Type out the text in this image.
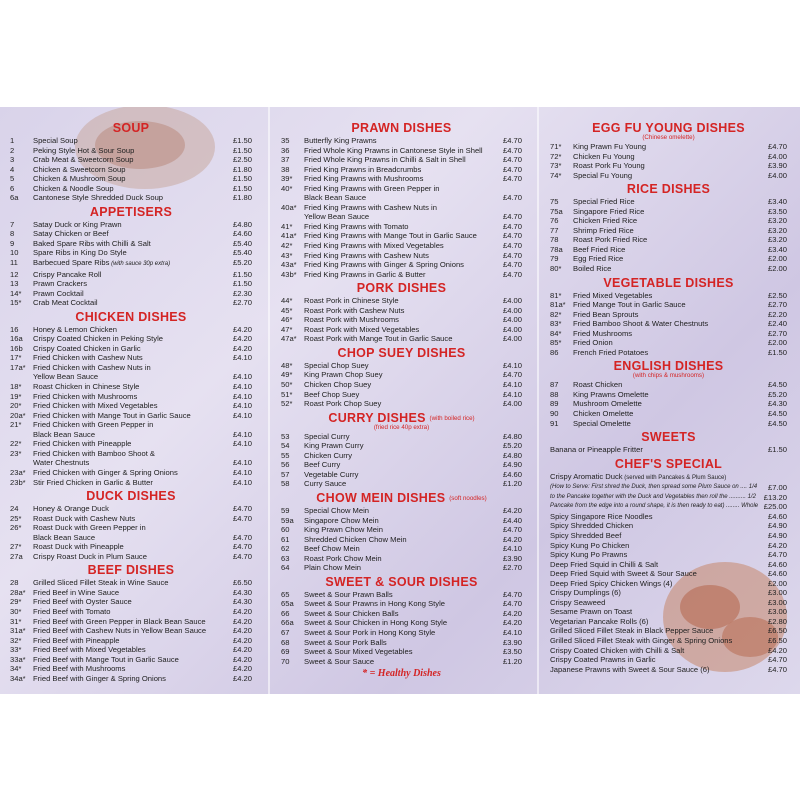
SOUP
1	Special Soup	£1.50
2	Peking Style Hot & Sour Soup	£1.50
3	Crab Meat & Sweetcorn Soup	£2.50
4	Chicken & Sweetcorn Soup	£1.80
5	Chicken & Mushroom Soup	£1.50
6	Chicken & Noodle Soup	£1.50
6a	Cantonese Style Shredded Duck Soup	£1.80
APPETISERS
7	Satay Duck or King Prawn	£4.80
8	Satay Chicken or Beef	£4.60
9	Baked Spare Ribs with Chilli & Salt	£5.40
10	Spare Ribs in King Do Style	£5.40
11	Barbecued Spare Ribs (with sauce 30p extra)	£5.20
12	Crispy Pancake Roll	£1.50
13	Prawn Crackers	£1.50
14*	Prawn Cocktail	£2.30
15*	Crab Meat Cocktail	£2.70
CHICKEN DISHES
16	Honey & Lemon Chicken	£4.20
16a	Crispy Coated Chicken in Peking Style	£4.20
16b	Crispy Coated Chicken in Garlic	£4.20
17*	Fried Chicken with Cashew Nuts	£4.10
17a* Fried Chicken with Cashew Nuts in
Yellow Bean Sauce	£4.10
18*	Roast Chicken in Chinese Style	£4.10
19*	Fried Chicken with Mushrooms	£4.10
20*	Fried Chicken with Mixed Vegetables	£4.10
20a* Fried Chicken with Mange Tout in Garlic Sauce	£4.10
21*	Fried Chicken with Green Pepper in
Black Bean Sauce	£4.10
22*	Fried Chicken with Pineapple	£4.10
23*	Fried Chicken with Bamboo Shoot &
Water Chestnuts	£4.10
23a* Fried Chicken with Ginger & Spring Onions	£4.10
23b* Stir Fried Chicken in Garlic & Butter	£4.10
DUCK DISHES
24	Honey & Orange Duck	£4.70
25*	Roast Duck with Cashew Nuts	£4.70
26*	Roast Duck with Green Pepper in
Black Bean Sauce	£4.70
27*	Roast Duck with Pineapple	£4.70
27a	Crispy Roast Duck in Plum Sauce	£4.70
BEEF DISHES
28	Grilled Sliced Fillet Steak in Wine Sauce	£6.50
28a* Fried Beef in Wine Sauce	£4.30
29*	Fried Beef with Oyster Sauce	£4.30
30*	Fried Beef with Tomato	£4.20
31*	Fried Beef with Green Pepper in Black Bean Sauce	£4.20
31a* Fried Beef with Cashew Nuts in Yellow Bean Sauce	£4.20
32*	Fried Beef with Pineapple	£4.20
33*	Fried Beef with Mixed Vegetables	£4.20
33a* Fried Beef with Mange Tout in Garlic Sauce	£4.20
34*	Fried Beef with Mushrooms	£4.20
34a* Fried Beef with Ginger & Spring Onions	£4.20
PRAWN DISHES
35	Butterfly King Prawns	£4.70
36	Fried Whole King Prawns in Cantonese Style in Shell	£4.70
37	Fried Whole King Prawns in Chilli & Salt in Shell	£4.70
38	Fried King Prawns in Breadcrumbs	£4.70
39*	Fried King Prawns with Mushrooms	£4.70
40*	Fried King Prawns with Green Pepper in
Black Bean Sauce	£4.70
40a* Fried King Prawns with Cashew Nuts in
Yellow Bean Sauce	£4.70
41*	Fried King Prawns with Tomato	£4.70
41a* Fried King Prawns with Mange Tout in Garlic Sauce	£4.70
42*	Fried King Prawns with Mixed Vegetables	£4.70
43*	Fried King Prawns with Cashew Nuts	£4.70
43a* Fried King Prawns with Ginger & Spring Onions	£4.70
43b* Fried King Prawns in Garlic & Butter	£4.70
PORK DISHES
44*	Roast Pork in Chinese Style	£4.00
45*	Roast Pork with Cashew Nuts	£4.00
46*	Roast Pork with Mushrooms	£4.00
47*	Roast Pork with Mixed Vegetables	£4.00
47a* Roast Pork with Mange Tout in Garlic Sauce	£4.00
CHOP SUEY DISHES
48*	Special Chop Suey	£4.10
49*	King Prawn Chop Suey	£4.70
50*	Chicken Chop Suey	£4.10
51*	Beef Chop Suey	£4.10
52*	Roast Pork Chop Suey	£4.00
CURRY DISHES (with boiled rice)
(fried rice 40p extra)
53	Special Curry	£4.80
54	King Prawn Curry	£5.20
55	Chicken Curry	£4.80
56	Beef Curry	£4.90
57	Vegetable Curry	£4.60
58	Curry Sauce	£1.20
CHOW MEIN DISHES (soft noodles)
59	Special Chow Mein	£4.20
59a	Singapore Chow Mein	£4.40
60	King Prawn Chow Mein	£4.70
61	Shredded Chicken Chow Mein	£4.20
62	Beef Chow Mein	£4.10
63	Roast Pork Chow Mein	£3.90
64	Plain Chow Mein	£2.70
SWEET & SOUR DISHES
65	Sweet & Sour Prawn Balls	£4.70
65a	Sweet & Sour Prawns in Hong Kong Style	£4.70
66	Sweet & Sour Chicken Balls	£4.20
66a	Sweet & Sour Chicken in Hong Kong Style	£4.20
67	Sweet & Sour Pork in Hong Kong Style	£4.10
68	Sweet & Sour Pork Balls	£3.90
69	Sweet & Sour Mixed Vegetables	£3.50
70	Sweet & Sour Sauce	£1.20
* = Healthy Dishes
EGG FU YOUNG DISHES
(Chinese omelette)
71*	King Prawn Fu Young	£4.70
72*	Chicken Fu Young	£4.00
73*	Roast Pork Fu Young	£3.90
74*	Special Fu Young	£4.00
RICE DISHES
75	Special Fried Rice	£3.40
75a	Singapore Fried Rice	£3.50
76	Chicken Fried Rice	£3.20
77	Shrimp Fried Rice	£3.20
78	Roast Pork Fried Rice	£3.20
78a	Beef Fried Rice	£3.40
79	Egg Fried Rice	£2.00
80*	Boiled Rice	£2.00
VEGETABLE DISHES
81*	Fried Mixed Vegetables	£2.50
81a* Fried Mange Tout in Garlic Sauce	£2.70
82*	Fried Bean Sprouts	£2.20
83*	Fried Bamboo Shoot & Water Chestnuts	£2.40
84*	Fried Mushrooms	£2.70
85*	Fried Onion	£2.00
86	French Fried Potatoes	£1.50
ENGLISH DISHES
(with chips & mushrooms)
87	Roast Chicken	£4.50
88	King Prawns Omelette	£5.20
89	Mushroom Omelette	£4.30
90	Chicken Omelette	£4.50
91	Special Omelette	£4.50
SWEETS
Banana or Pineapple Fritter	£1.50
CHEF'S SPECIAL
Crispy Aromatic Duck (served with Pancakes & Plum Sauce)
(How to Serve: First shred the Duck, then spread some Plum Sauce on .... 1/4	£7.00
to the Pancake together with the Duck and Vegetables then roll the .......... 1/2	£13.20
Pancake from the edge into a round shape, it is then ready to eat) ........ Whole £25.00
Spicy Singapore Rice Noodles	£4.60
Spicy Shredded Chicken	£4.90
Spicy Shredded Beef	£4.90
Spicy Kung Po Chicken	£4.20
Spicy Kung Po Prawns	£4.70
Deep Fried Squid in Chilli & Salt	£4.60
Deep Fried Squid with Sweet & Sour Sauce	£4.60
Deep Fried Spicy Chicken Wings (4)	£2.00
Crispy Dumplings (6)	£3.00
Crispy Seaweed	£3.00
Sesame Prawn on Toast	£3.00
Vegetarian Pancake Rolls (6)	£2.80
Grilled Sliced Fillet Steak in Black Pepper Sauce	£6.50
Grilled Sliced Fillet Steak with Ginger & Spring Onions	£6.50
Crispy Coated Chicken with Chilli & Salt	£4.20
Crispy Coated Prawns in Garlic	£4.70
Japanese Prawns with Sweet & Sour Sauce (6)	£4.70
